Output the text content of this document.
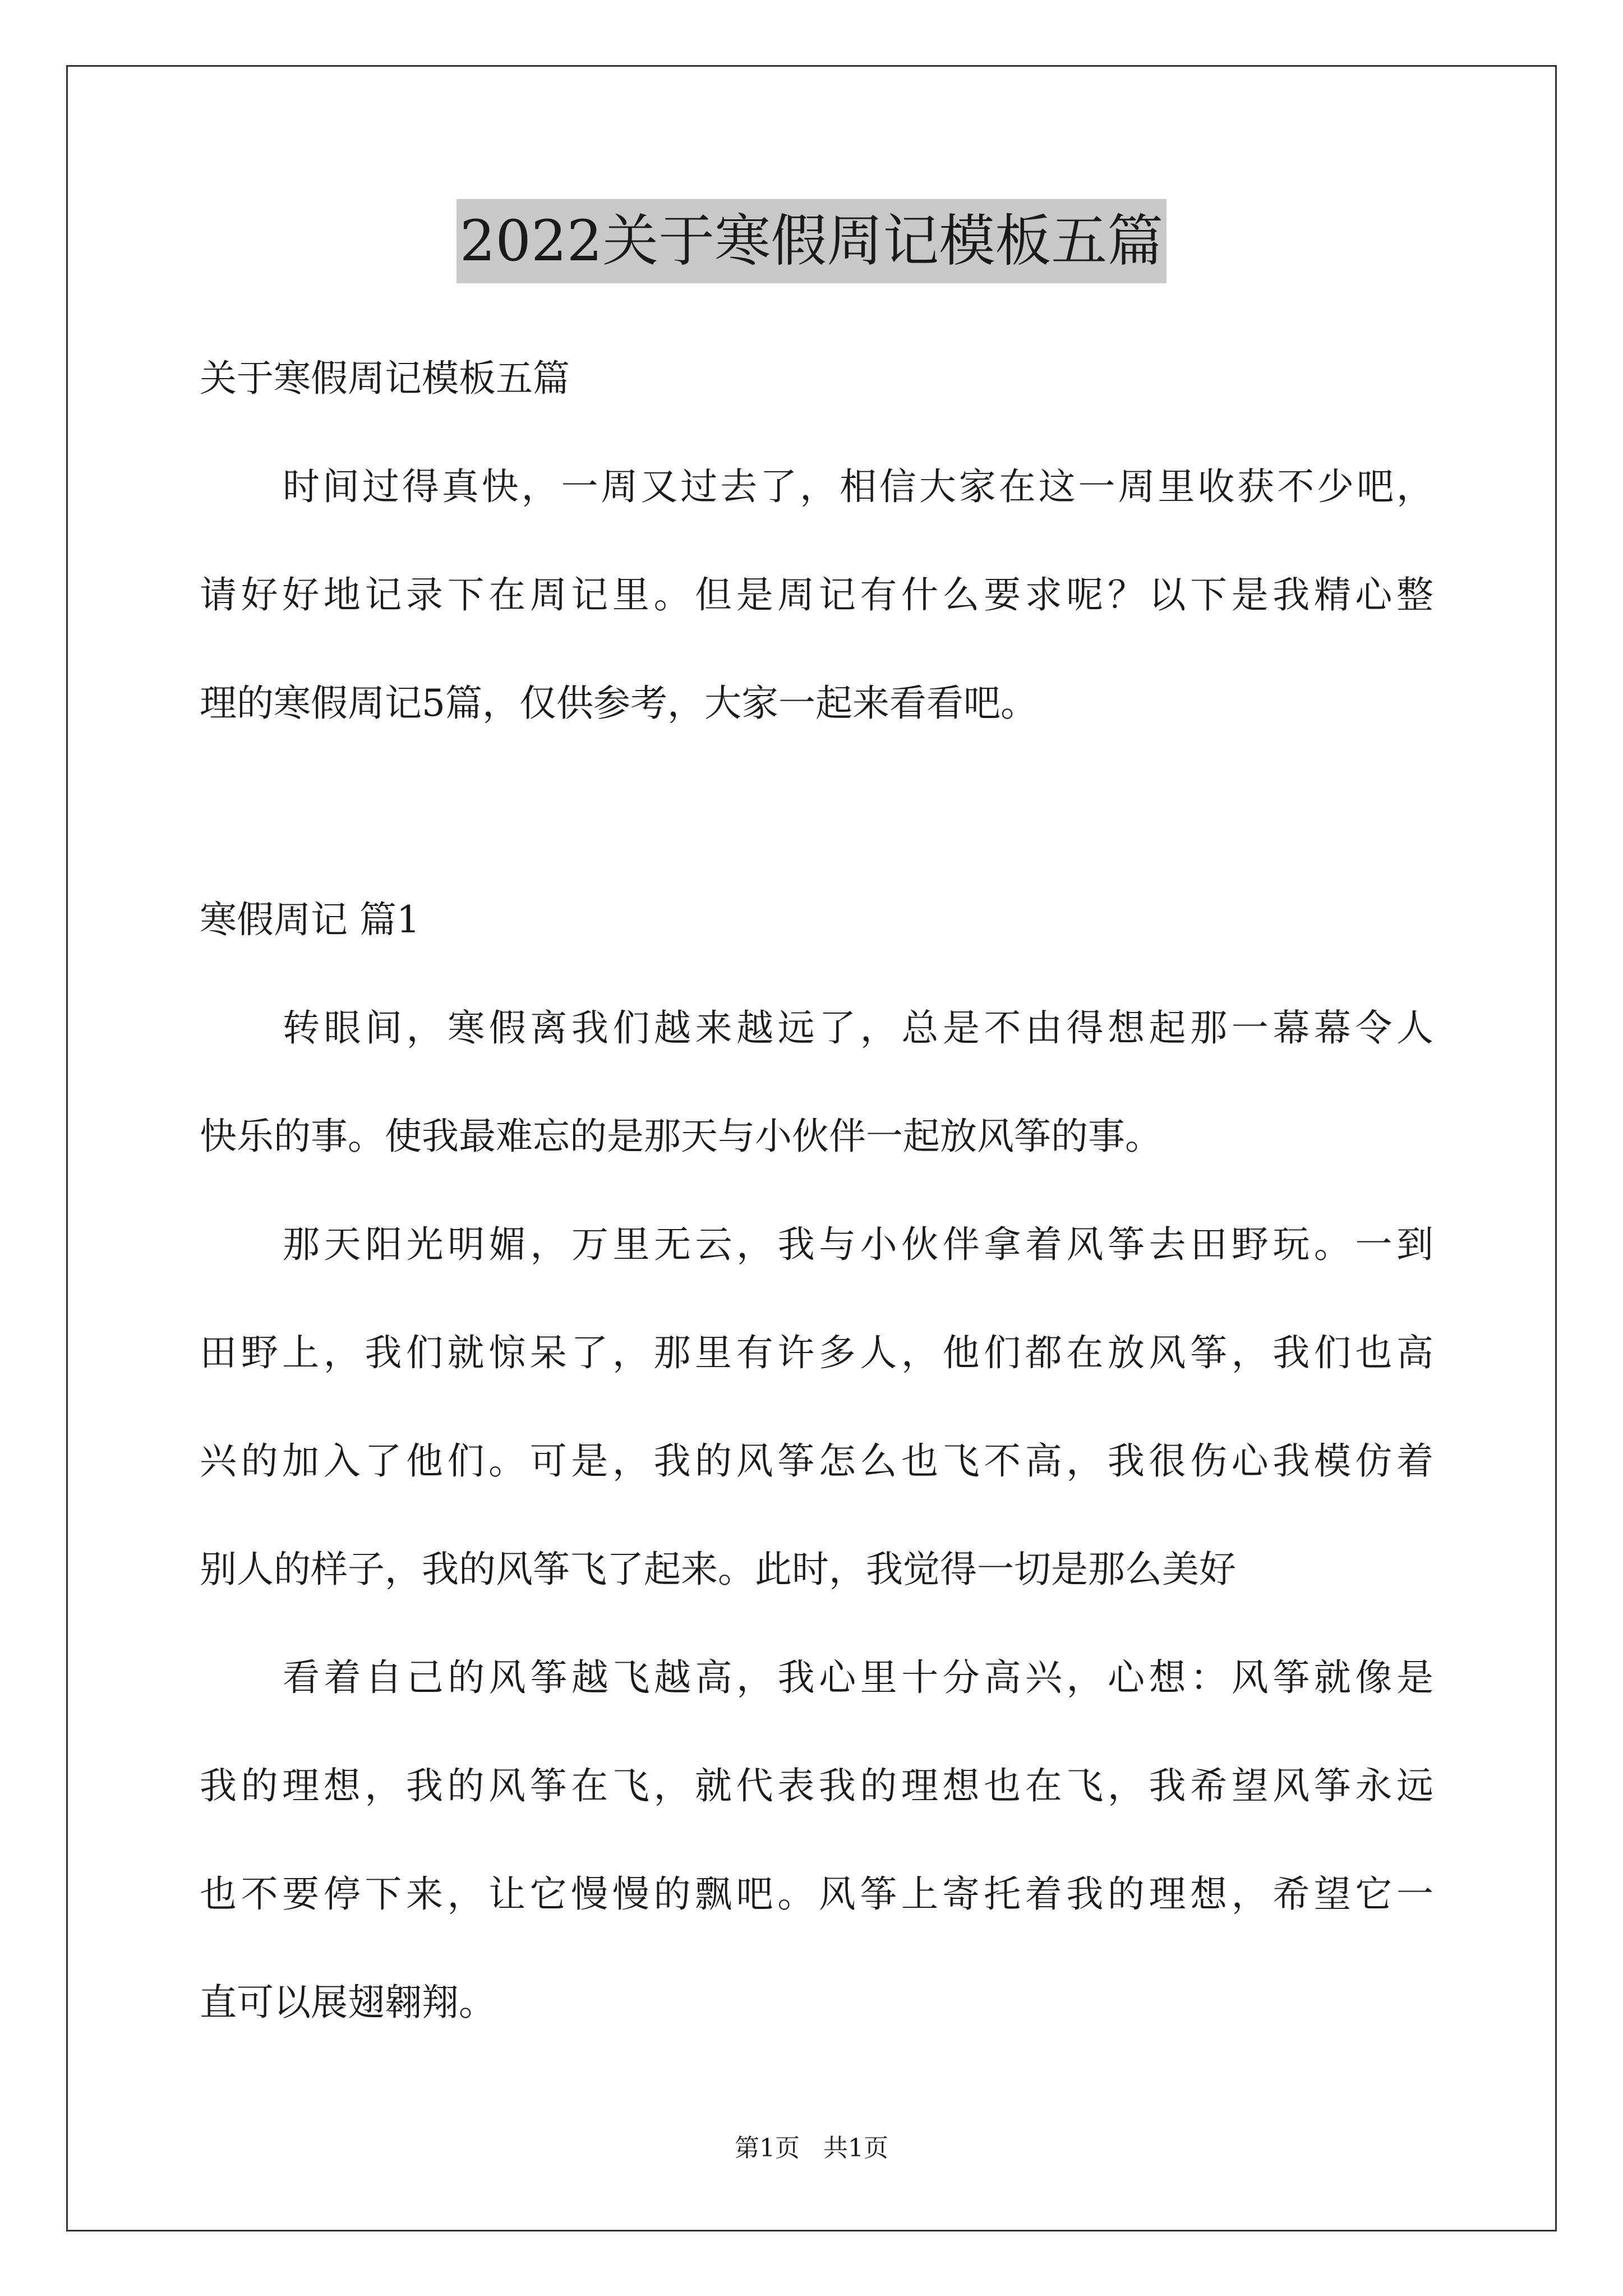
2022关于寒假周记模板五篇
关于寒假周记模板五篇
时间过得真快，一周又过去了，相信大家在这一周里收获不少吧，
请好好地记录下在周记里。但是周记有什么要求呢？以下是我精心整
理的寒假周记5篇，仅供参考，大家一起来看看吧。
寒假周记 篇1
转眼间，寒假离我们越来越远了，总是不由得想起那一幕幕令人
快乐的事。使我最难忘的是那天与小伙伴一起放风筝的事。
那天阳光明媚，万里无云，我与小伙伴拿着风筝去田野玩。一到
田野上，我们就惊呆了，那里有许多人，他们都在放风筝，我们也高
兴的加入了他们。可是，我的风筝怎么也飞不高，我很伤心我模仿着
别人的样子，我的风筝飞了起来。此时，我觉得一切是那么美好
看着自己的风筝越飞越高，我心里十分高兴，心想：风筝就像是
我的理想，我的风筝在飞，就代表我的理想也在飞，我希望风筝永远
也不要停下来，让它慢慢的飘吧。风筝上寄托着我的理想，希望它一
直可以展翅翱翔。
第1页 共1页
